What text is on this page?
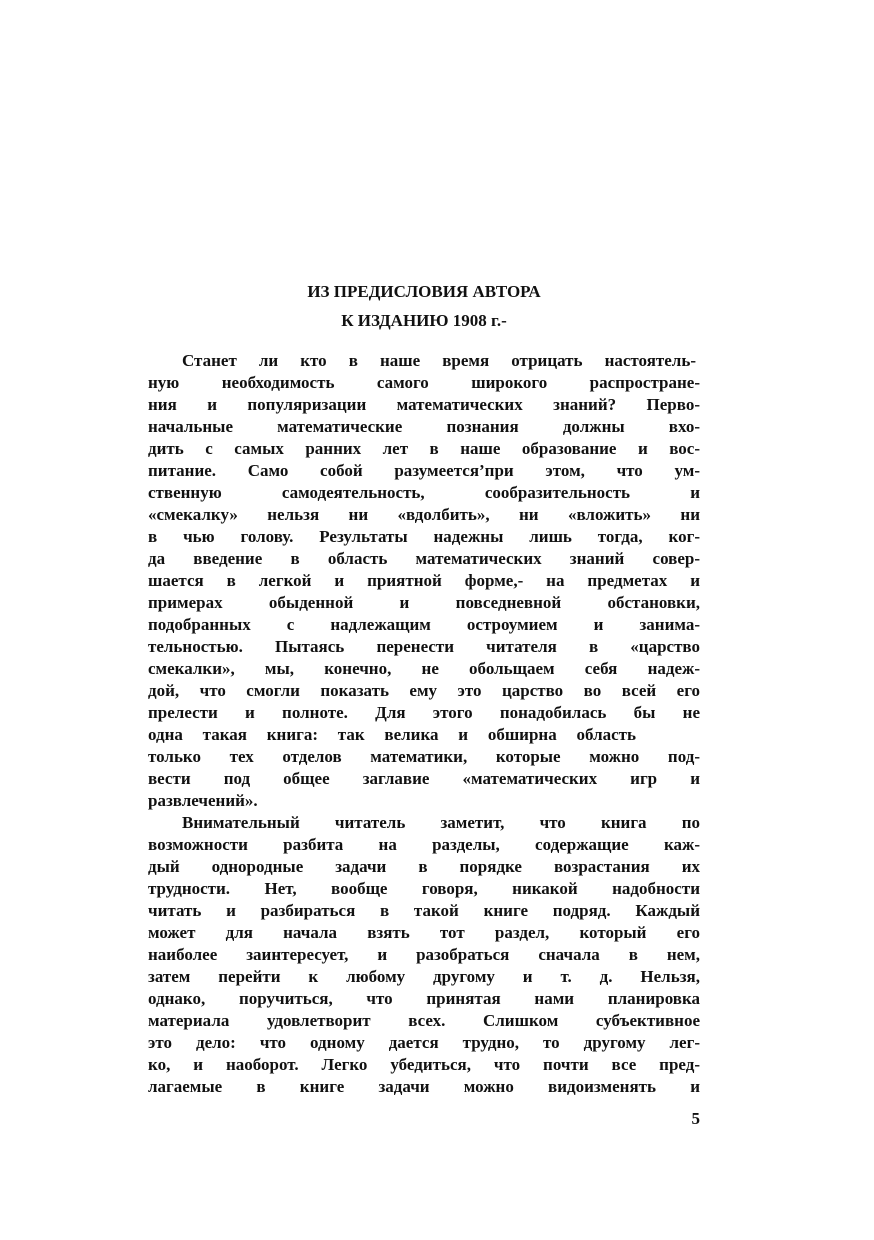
ИЗ ПРЕДИСЛОВИЯ АВТОРА
К ИЗДАНИЮ 1908 г.-
Станет ли кто в наше время отрицать настоятель-
ную необходимость самого широкого распростране-
ния и популяризации математических знаний? Перво-
начальные математические познания должны вхо-
дить с самых ранних лет в наше образование и вос-
питание. Само собой разумеется’при этом, что ум-
ственную самодеятельность, сообразительность и
«смекалку» нельзя ни «вдолбить», ни «вложить» ни
в чью голову. Результаты надежны лишь тогда, ког-
да введение в область математических знаний совер-
шается в легкой и приятной форме,- на предметах и
примерах обыденной и повседневной обстановки,
подобранных с надлежащим остроумием и занима-
тельностью. Пытаясь перенести читателя в «царство
смекалки», мы, конечно, не обольщаем себя надеж-
дой, что смогли показать ему это царство во всей его
прелести и полноте. Для этого понадобилась бы не
одна такая книга: так велика и обширна область
только тех отделов математики, которые можно под-
вести под общее заглавие «математических игр и
развлечений».
Внимательный читатель заметит, что книга по
возможности разбита на разделы, содержащие каж-
дый однородные задачи в порядке возрастания их
трудности. Нет, вообще говоря, никакой надобности
читать и разбираться в такой книге подряд. Каждый
может для начала взять тот раздел, который его
наиболее заинтересует, и разобраться сначала в нем,
затем перейти к любому другому и т. д. Нельзя,
однако, поручиться, что принятая нами планировка
материала удовлетворит всех. Слишком субъективное
это дело: что одному дается трудно, то другому лег-
ко, и наоборот. Легко убедиться, что почти все пред-
лагаемые в книге задачи можно видоизменять и
5
